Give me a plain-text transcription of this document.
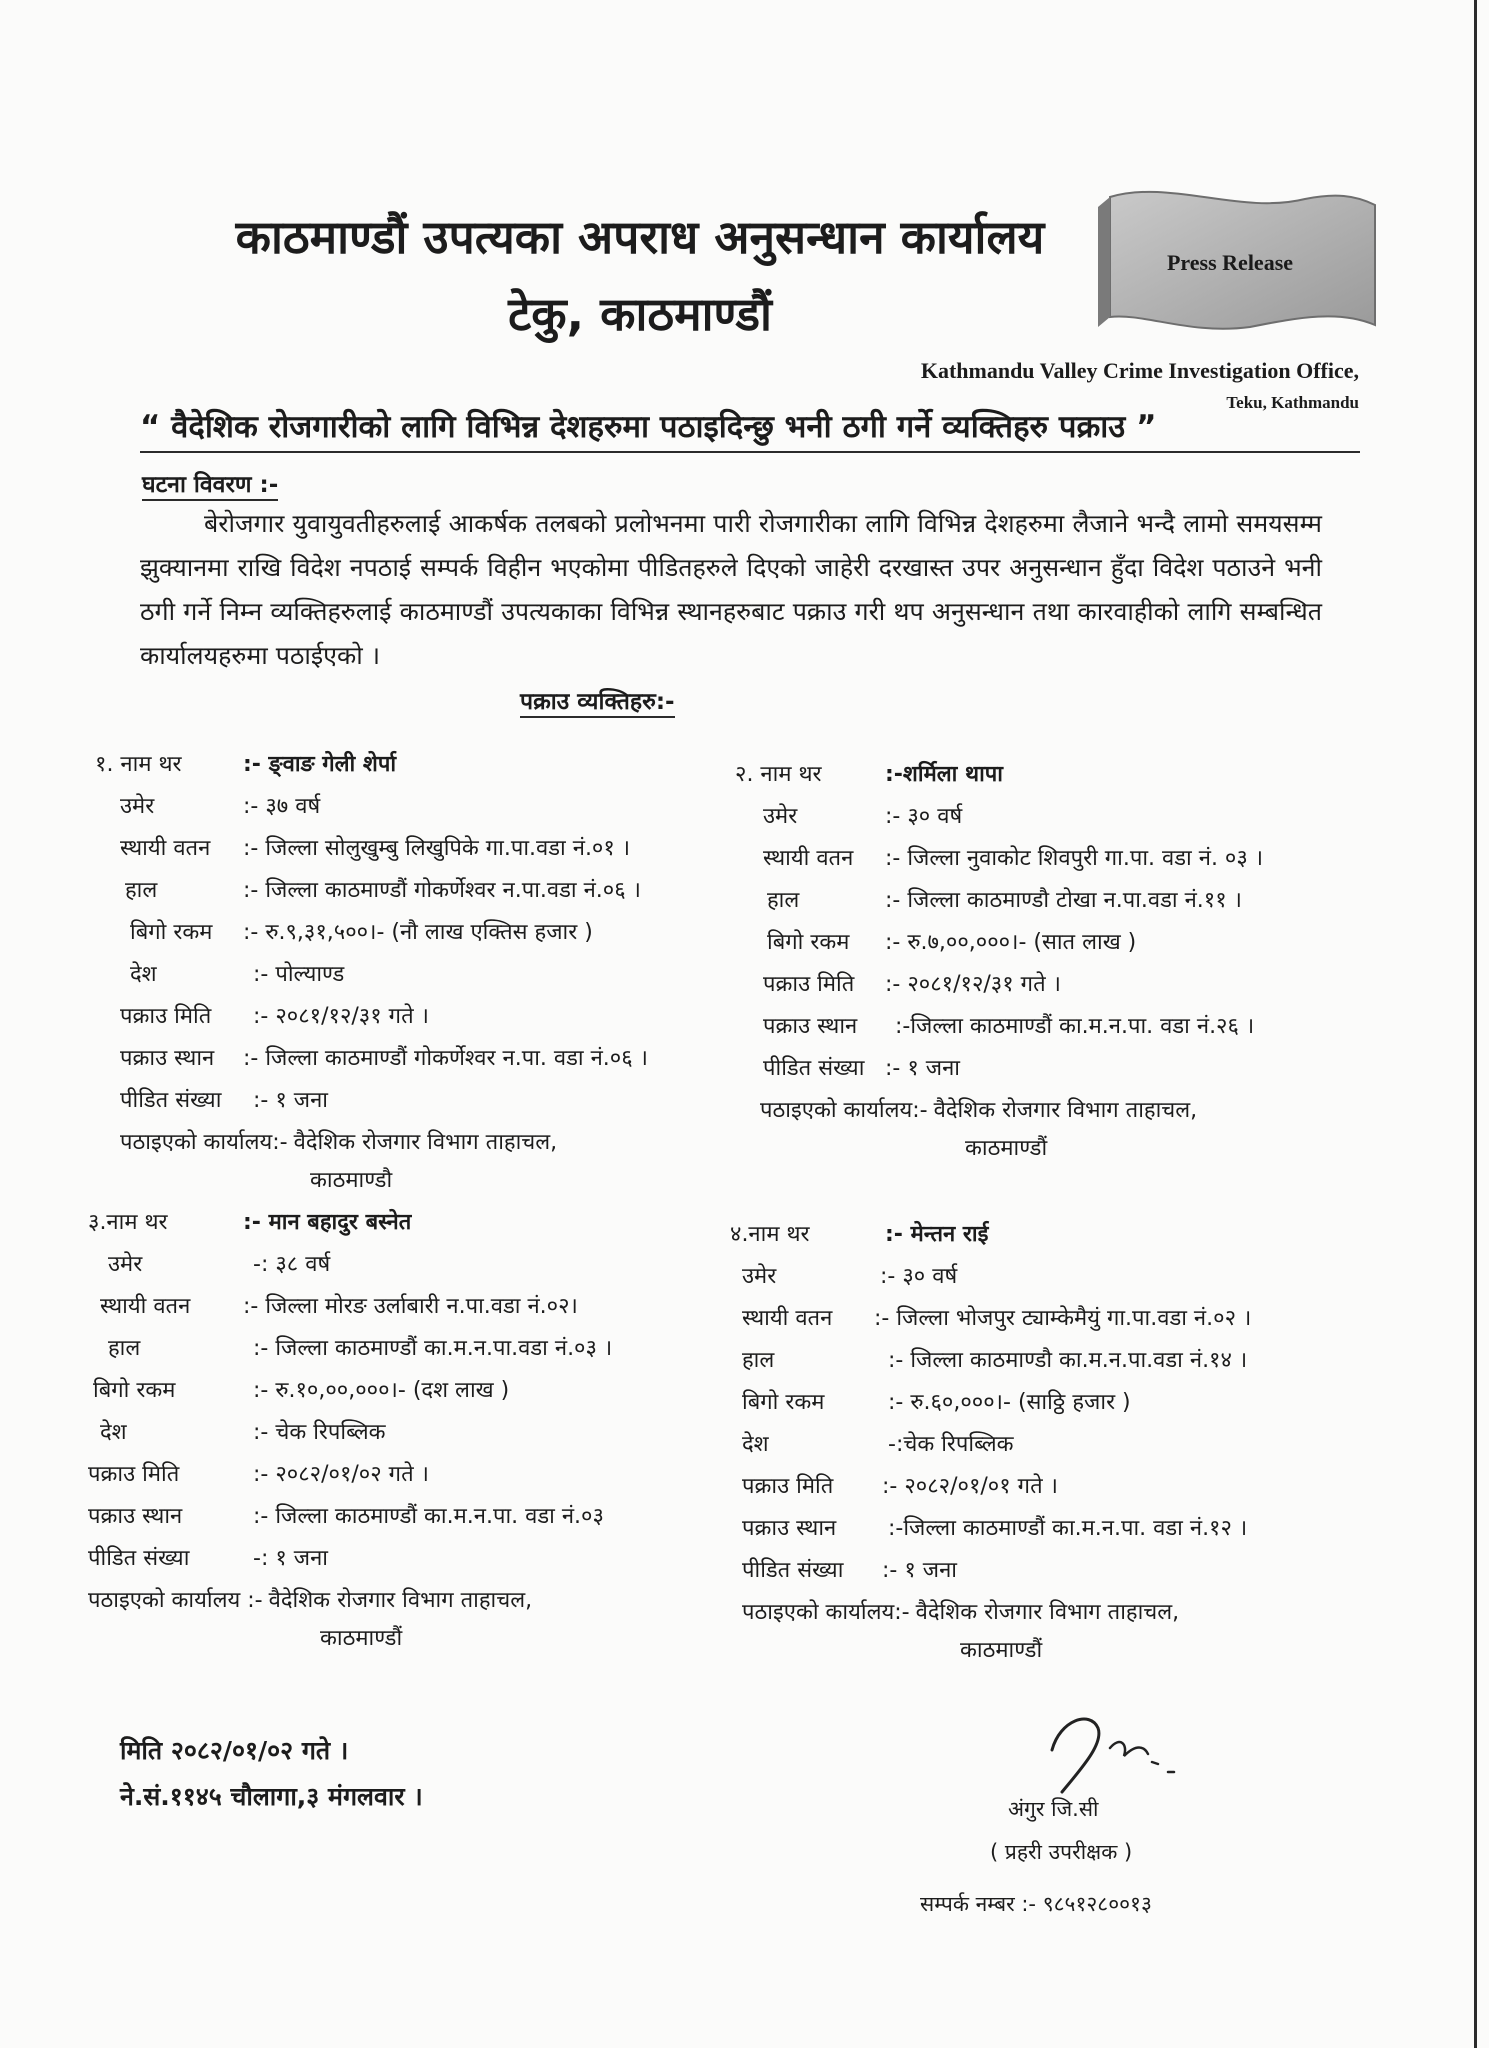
काठमाण्डौं उपत्यका अपराध अनुसन्धान कार्यालय
टेकु, काठमाण्डौं
Press Release
Kathmandu Valley Crime Investigation Office,
Teku, Kathmandu
“ वैदेशिक रोजगारीको लागि विभिन्न देशहरुमा पठाइदिन्छु भनी ठगी गर्ने व्यक्तिहरु पक्राउ ”
घटना विवरण :-
बेरोजगार युवायुवतीहरुलाई आकर्षक तलबको प्रलोभनमा पारी रोजगारीका लागि विभिन्न देशहरुमा लैजाने भन्दै लामो समयसम्म झुक्यानमा राखि विदेश नपठाई सम्पर्क विहीन भएकोमा पीडितहरुले दिएको जाहेरी दरखास्त उपर अनुसन्धान हुँदा विदेश पठाउने भनी ठगी गर्ने निम्न व्यक्तिहरुलाई काठमाण्डौं उपत्यकाका विभिन्न स्थानहरुबाट पक्राउ गरी थप अनुसन्धान तथा कारवाहीको लागि सम्बन्धित कार्यालयहरुमा पठाईएको ।
पक्राउ व्यक्तिहरु:-
१. नाम थर	:- ङ्वाङ गेली शेर्पा
उमेर	:- ३७ वर्ष
स्थायी वतन	:- जिल्ला सोलुखुम्बु लिखुपिके गा.पा.वडा नं.०१ ।
हाल	:- जिल्ला काठमाण्डौं गोकर्णेश्वर न.पा.वडा नं.०६ ।
बिगो रकम	:- रु.९,३१,५००।- (नौ लाख एक्तिस हजार )
देश	:- पोल्याण्ड
पक्राउ मिति	:- २०८१/१२/३१ गते ।
पक्राउ स्थान	:- जिल्ला काठमाण्डौं गोकर्णेश्वर न.पा. वडा नं.०६ ।
पीडित संख्या	:- १ जना
पठाइएको कार्यालय:- वैदेशिक रोजगार विभाग ताहाचल,
काठमाण्डौ
२. नाम थर	:-शर्मिला थापा
उमेर	:- ३० वर्ष
स्थायी वतन	:- जिल्ला नुवाकोट शिवपुरी गा.पा. वडा नं. ०३ ।
हाल	:- जिल्ला काठमाण्डौ टोखा न.पा.वडा नं.११ ।
बिगो रकम	:- रु.७,००,०००।- (सात लाख )
पक्राउ मिति	:- २०८१/१२/३१ गते ।
पक्राउ स्थान	:-जिल्ला काठमाण्डौं का.म.न.पा. वडा नं.२६ ।
पीडित संख्या :- १ जना
पठाइएको कार्यालय:- वैदेशिक रोजगार विभाग ताहाचल,
काठमाण्डौं
३.नाम थर	:- मान बहादुर बस्नेत
उमेर	-: ३८ वर्ष
स्थायी वतन	:- जिल्ला मोरङ उर्लाबारी न.पा.वडा नं.०२।
हाल	:- जिल्ला काठमाण्डौं का.म.न.पा.वडा नं.०३ ।
बिगो रकम	:- रु.१०,००,०००।- (दश लाख )
देश	:- चेक रिपब्लिक
पक्राउ मिति	:- २०८२/०१/०२ गते ।
पक्राउ स्थान	:- जिल्ला काठमाण्डौं का.म.न.पा. वडा नं.०३
पीडित संख्या	-: १ जना
पठाइएको कार्यालय :- वैदेशिक रोजगार विभाग ताहाचल,
काठमाण्डौं
४.नाम थर	:- मेन्तन राई
उमेर	:- ३० वर्ष
स्थायी वतन	:- जिल्ला भोजपुर ट्याम्केमैयुं गा.पा.वडा नं.०२ ।
हाल	:- जिल्ला काठमाण्डौ का.म.न.पा.वडा नं.१४ ।
बिगो रकम	:- रु.६०,०००।- (साठ्ठि हजार )
देश	-:चेक रिपब्लिक
पक्राउ मिति	:- २०८२/०१/०१ गते ।
पक्राउ स्थान	:-जिल्ला काठमाण्डौं का.म.न.पा. वडा नं.१२ ।
पीडित संख्या	:- १ जना
पठाइएको कार्यालय:- वैदेशिक रोजगार विभाग ताहाचल,
काठमाण्डौं
मिति २०८२/०१/०२ गते ।
ने.सं.११४५ चौलागा,३ मंगलवार ।	अंगुर जि.सी
( प्रहरी उपरीक्षक )
सम्पर्क नम्बर :- ९८५१२८००१३
